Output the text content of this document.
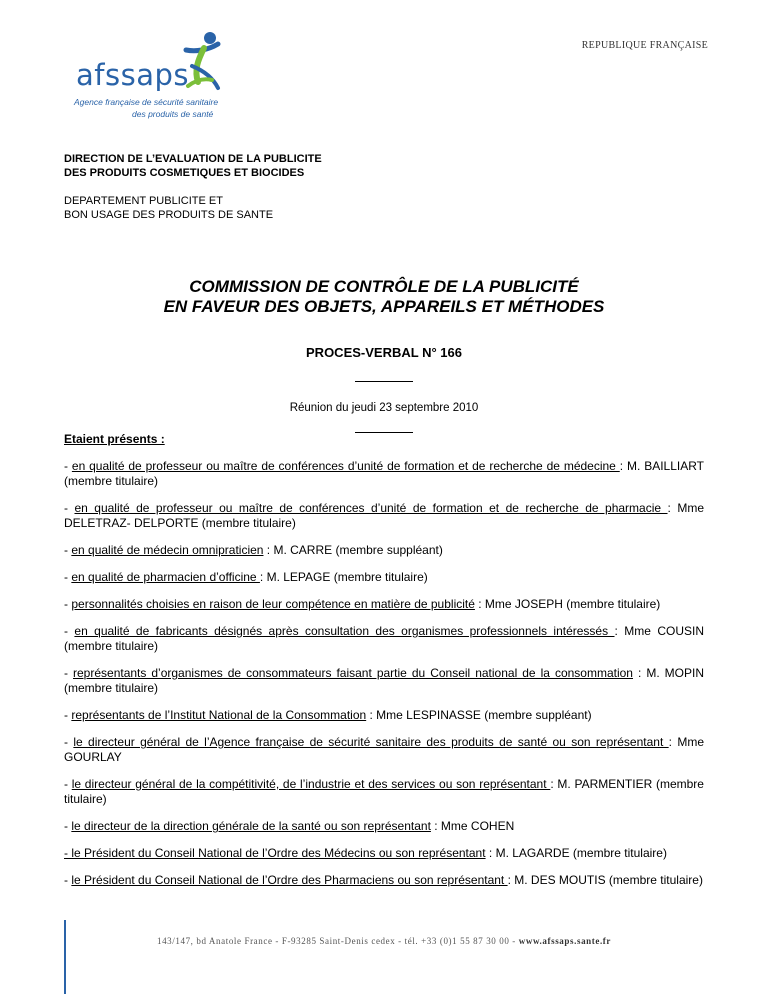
afssaps
Agence française de sécurité sanitaire
des produits de santé
REPUBLIQUE FRANÇAISE
DIRECTION DE L’EVALUATION DE LA PUBLICITE
DES PRODUITS COSMETIQUES ET BIOCIDES
DEPARTEMENT PUBLICITE ET
BON USAGE DES PRODUITS DE SANTE
COMMISSION DE CONTRÔLE DE LA PUBLICITÉ
EN FAVEUR DES OBJETS, APPAREILS ET MÉTHODES
PROCES-VERBAL N° 166
Réunion du jeudi 23 septembre 2010
Etaient présents :
- en qualité de professeur ou maître de conférences d’unité de formation et de recherche de médecine : M. BAILLIART (membre titulaire)
- en qualité de professeur ou maître de conférences d’unité de formation et de recherche de pharmacie : Mme DELETRAZ- DELPORTE (membre titulaire)
- en qualité de médecin omnipraticien : M. CARRE (membre suppléant)
- en qualité de pharmacien d’officine : M. LEPAGE (membre titulaire)
- personnalités choisies en raison de leur compétence en matière de publicité : Mme JOSEPH (membre titulaire)
- en qualité de fabricants désignés après consultation des organismes professionnels intéressés : Mme COUSIN (membre titulaire)
- représentants d’organismes de consommateurs faisant partie du Conseil national de la consommation : M. MOPIN (membre titulaire)
- représentants de l’Institut National de la Consommation : Mme LESPINASSE (membre suppléant)
- le directeur général de l’Agence française de sécurité sanitaire des produits de santé ou son représentant : Mme GOURLAY
- le directeur général de la compétitivité, de l’industrie et des services ou son représentant : M. PARMENTIER (membre titulaire)
- le directeur de la direction générale de la santé ou son représentant : Mme COHEN
- le Président du Conseil National de l’Ordre des Médecins ou son représentant : M. LAGARDE (membre titulaire)
- le Président du Conseil National de l’Ordre des Pharmaciens ou son représentant : M. DES MOUTIS (membre titulaire)
143/147, bd Anatole France - F-93285 Saint-Denis cedex - tél. +33 (0)1 55 87 30 00 - www.afssaps.sante.fr
